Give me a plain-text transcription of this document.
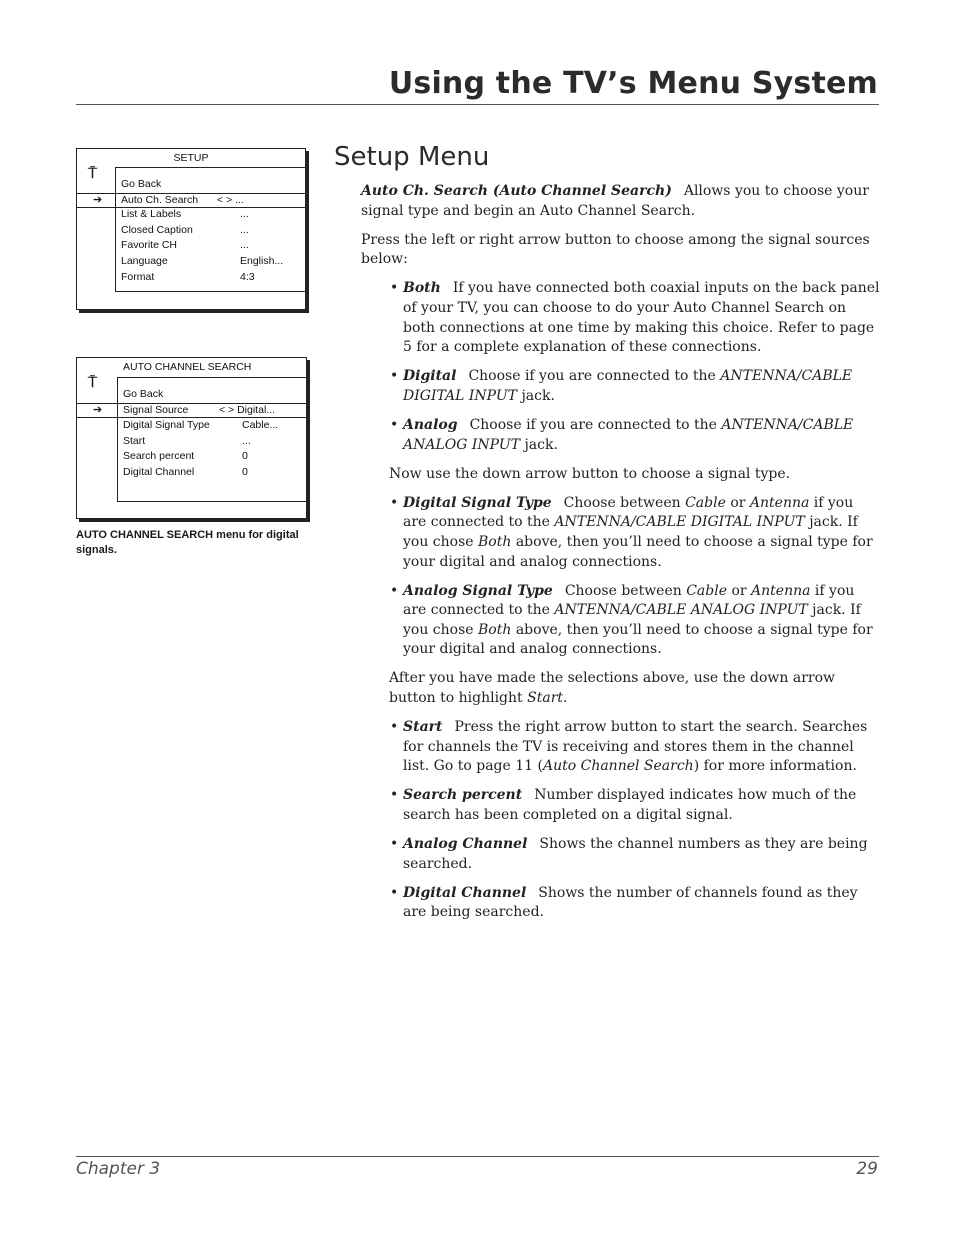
Using the TV’s Menu System
SETUP
⍑
Go Back
➔ Auto Ch. Search < > ...
List & Labels	...
Closed Caption	...
Favorite CH	...
Language	English...
Format	4:3
AUTO CHANNEL SEARCH
⍑
Go Back
➔ Signal Source	< > Digital...
Digital Signal Type	Cable...
Start	...
Search percent	0
Digital Channel	0
AUTO CHANNEL SEARCH menu for digital signals.
Setup Menu

Auto Ch. Search (Auto Channel Search) Allows you to choose your signal type and begin an Auto Channel Search.

Press the left or right arrow button to choose among the signal sources below:

• Both If you have connected both coaxial inputs on the back panel of your TV, you can choose to do your Auto Channel Search on both connections at one time by making this choice. Refer to page 5 for a complete explanation of these connections.

• Digital Choose if you are connected to the ANTENNA/CABLE DIGITAL INPUT jack.

• Analog Choose if you are connected to the ANTENNA/CABLE ANALOG INPUT jack.

Now use the down arrow button to choose a signal type.

• Digital Signal Type Choose between Cable or Antenna if you are connected to the ANTENNA/CABLE DIGITAL INPUT jack. If you chose Both above, then you’ll need to choose a signal type for your digital and analog connections.

• Analog Signal Type Choose between Cable or Antenna if you are connected to the ANTENNA/CABLE ANALOG INPUT jack. If you chose Both above, then you’ll need to choose a signal type for your digital and analog connections.

After you have made the selections above, use the down arrow button to highlight Start.

• Start Press the right arrow button to start the search. Searches for channels the TV is receiving and stores them in the channel list. Go to page 11 (Auto Channel Search) for more information.

• Search percent Number displayed indicates how much of the search has been completed on a digital signal.

• Analog Channel Shows the channel numbers as they are being searched.

• Digital Channel Shows the number of channels found as they are being searched.

Chapter 3	29
